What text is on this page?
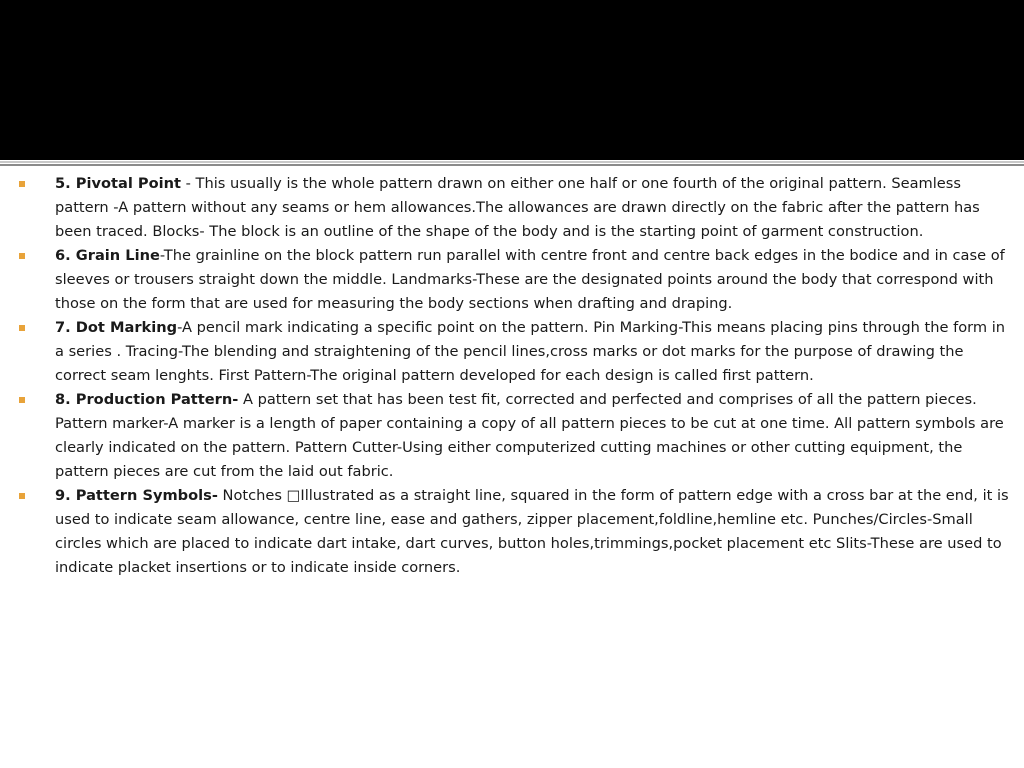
5. Pivotal Point - This usually is the whole pattern drawn on either one half or one fourth of the original pattern. Seamless pattern -A pattern without any seams or hem allowances.The allowances are drawn directly on the fabric after the pattern has been traced. Blocks- The block is an outline of the shape of the body and is the starting point of garment construction.
6. Grain Line-The grainline on the block pattern run parallel with centre front and centre back edges in the bodice and in case of sleeves or trousers straight down the middle. Landmarks-These are the designated points around the body that correspond with those on the form that are used for measuring the body sections when drafting and draping.
7. Dot Marking-A pencil mark indicating a specific point on the pattern. Pin Marking-This means placing pins through the form in a series . Tracing-The blending and straightening of the pencil lines,cross marks or dot marks for the purpose of drawing the correct seam lenghts. First Pattern-The original pattern developed for each design is called first pattern.
8. Production Pattern- A pattern set that has been test fit, corrected and perfected and comprises of all the pattern pieces. Pattern marker-A marker is a length of paper containing a copy of all pattern pieces to be cut at one time. All pattern symbols are clearly indicated on the pattern. Pattern Cutter-Using either computerized cutting machines or other cutting equipment, the pattern pieces are cut from the laid out fabric.
9. Pattern Symbols- Notches □Illustrated as a straight line, squared in the form of pattern edge with a cross bar at the end, it is used to indicate seam allowance, centre line, ease and gathers, zipper placement,foldline,hemline etc. Punches/Circles-Small circles which are placed to indicate dart intake, dart curves, button holes,trimmings,pocket placement etc Slits-These are used to indicate placket insertions or to indicate inside corners.
